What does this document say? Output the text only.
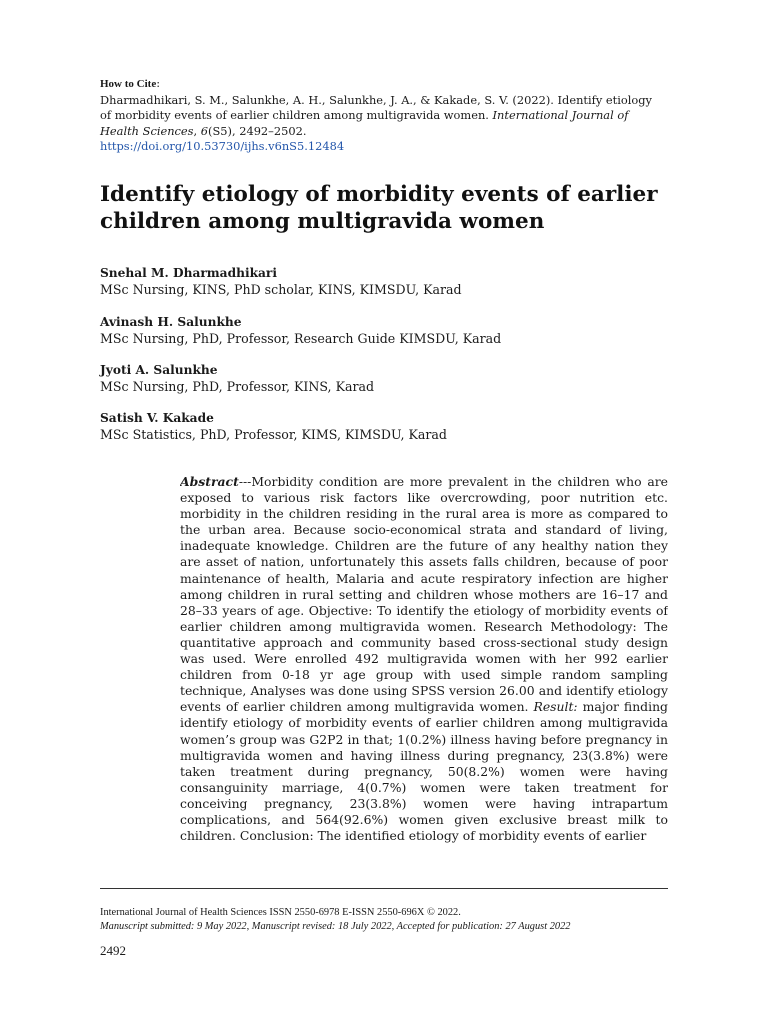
How to Cite:
Dharmadhikari, S. M., Salunkhe, A. H., Salunkhe, J. A., & Kakade, S. V. (2022). Identify etiology of morbidity events of earlier children among multigravida women. International Journal of Health Sciences, 6(S5), 2492–2502.
https://doi.org/10.53730/ijhs.v6nS5.12484
Identify etiology of morbidity events of earlier children among multigravida women
Snehal M. Dharmadhikari
MSc Nursing, KINS, PhD scholar, KINS, KIMSDU, Karad
Avinash H. Salunkhe
MSc Nursing, PhD, Professor, Research Guide KIMSDU, Karad
Jyoti A. Salunkhe
MSc Nursing, PhD, Professor, KINS, Karad
Satish V. Kakade
MSc Statistics, PhD, Professor, KIMS, KIMSDU, Karad
Abstract---Morbidity condition are more prevalent in the children who are exposed to various risk factors like overcrowding, poor nutrition etc. morbidity in the children residing in the rural area is more as compared to the urban area. Because socio-economical strata and standard of living, inadequate knowledge. Children are the future of any healthy nation they are asset of nation, unfortunately this assets falls children, because of poor maintenance of health, Malaria and acute respiratory infection are higher among children in rural setting and children whose mothers are 16–17 and 28–33 years of age. Objective: To identify the etiology of morbidity events of earlier children among multigravida women. Research Methodology: The quantitative approach and community based cross-sectional study design was used. Were enrolled 492 multigravida women with her 992 earlier children from 0-18 yr age group with used simple random sampling technique, Analyses was done using SPSS version 26.00 and identify etiology events of earlier children among multigravida women. Result: major finding identify etiology of morbidity events of earlier children among multigravida women’s group was G2P2 in that; 1(0.2%) illness having before pregnancy in multigravida women and having illness during pregnancy, 23(3.8%) were taken treatment during pregnancy, 50(8.2%) women were having consanguinity marriage, 4(0.7%) women were taken treatment for conceiving pregnancy, 23(3.8%) women were having intrapartum complications, and 564(92.6%) women given exclusive breast milk to children. Conclusion: The identified etiology of morbidity events of earlier
International Journal of Health Sciences ISSN 2550-6978 E-ISSN 2550-696X © 2022.
Manuscript submitted: 9 May 2022, Manuscript revised: 18 July 2022, Accepted for publication: 27 August 2022
2492
